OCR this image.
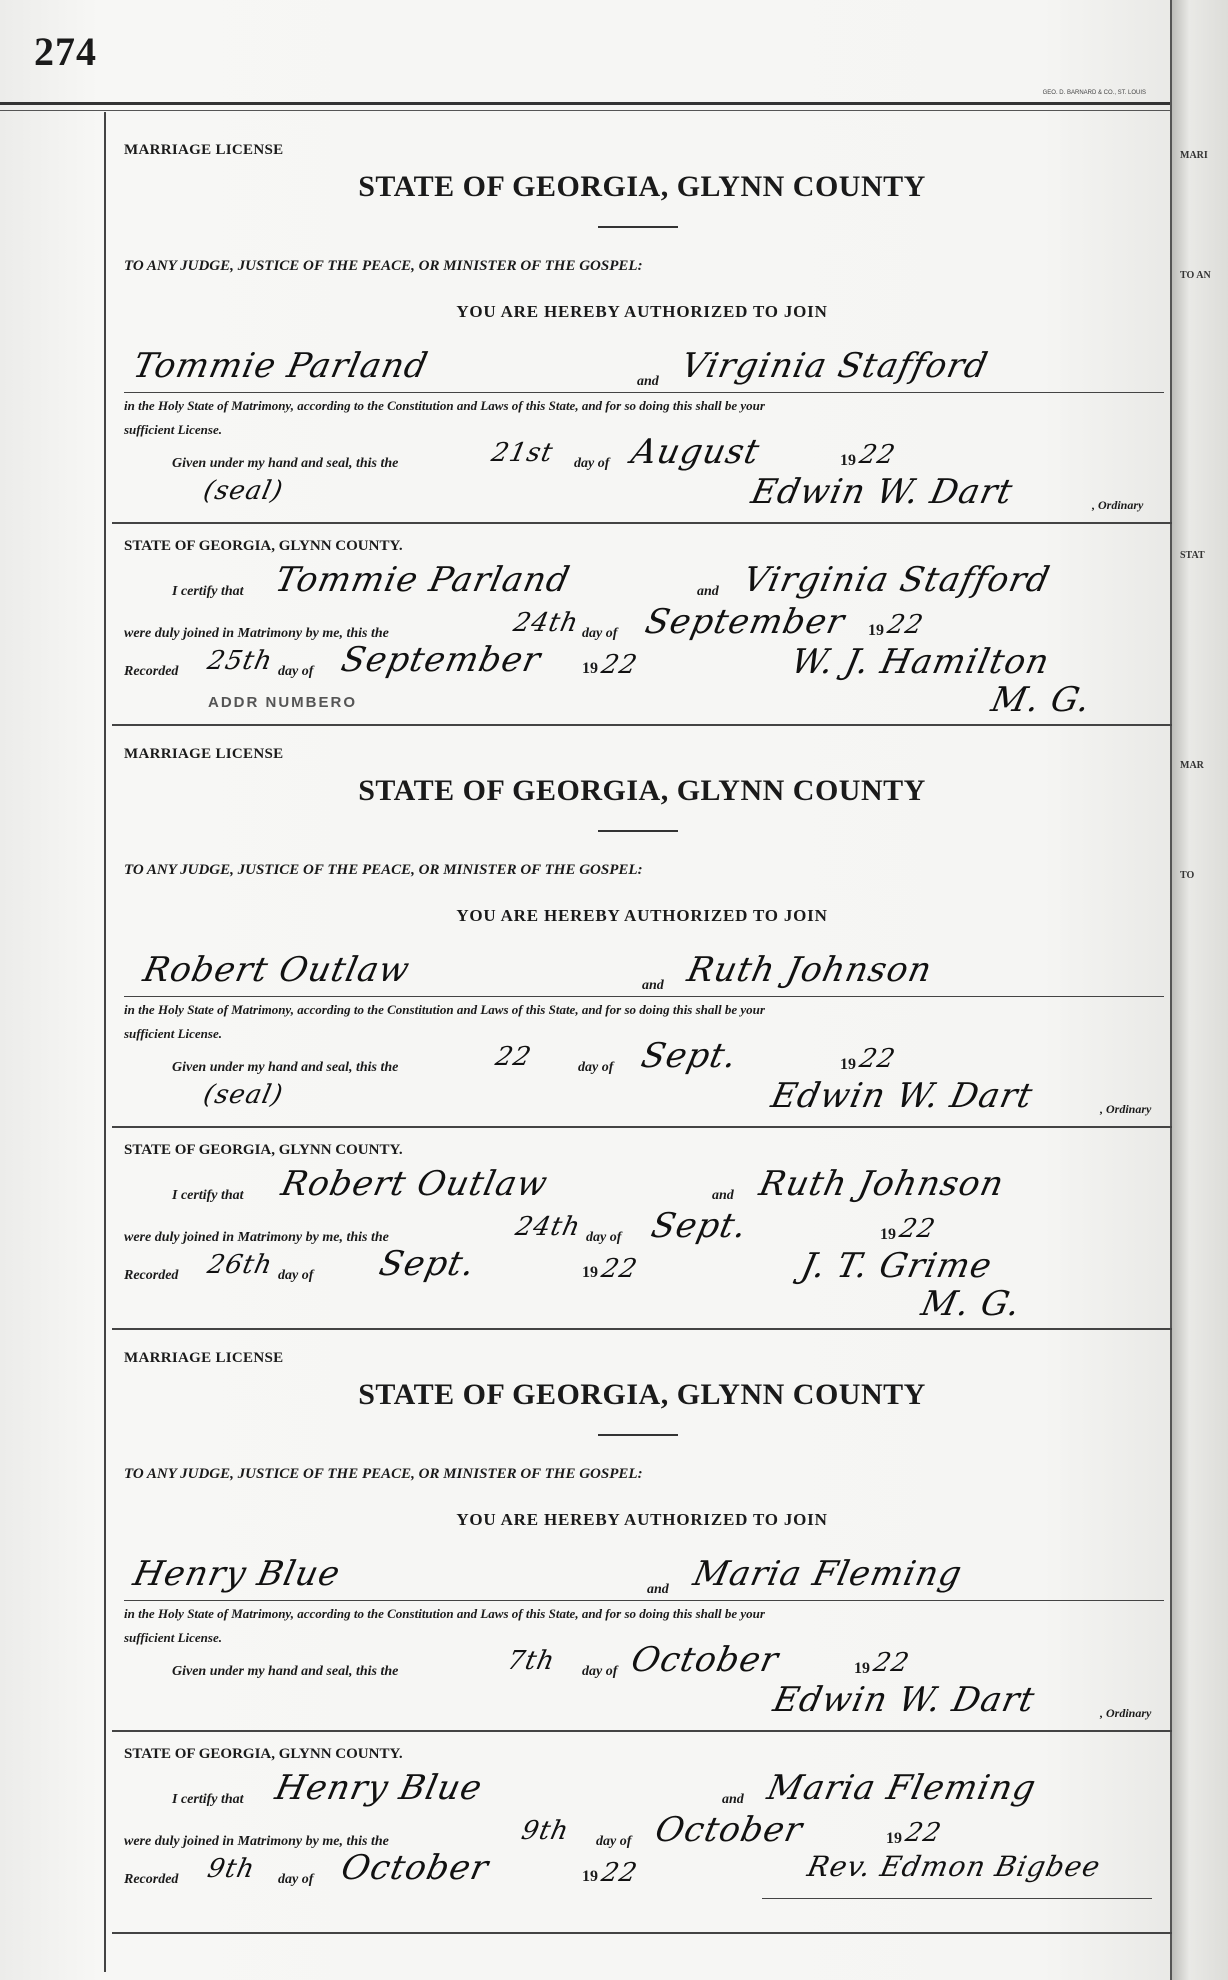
274
GEO. D. BARNARD & CO., ST. LOUIS
MARI
TO AN
STAT
MAR
TO
MARRIAGE LICENSE
STATE OF GEORGIA, GLYNN COUNTY
TO ANY JUDGE, JUSTICE OF THE PEACE, OR MINISTER OF THE GOSPEL:
YOU ARE HEREBY AUTHORIZED TO JOIN
Tommie Parland	and Virginia Stafford
in the Holy State of Matrimony, according to the Constitution and Laws of this State, and for so doing this shall be your
sufficient License.
Given under my hand and seal, this the	21st day of August	19 22
(seal)	Edwin W. Dart	, Ordinary
STATE OF GEORGIA, GLYNN COUNTY.
I certify that Tommie Parland	and Virginia Stafford
were duly joined in Matrimony by me, this the	24th day of September 19 22
Recorded 25th day of September 19 22	W. J. Hamilton
M. G.
ADDR NUMBERO
MARRIAGE LICENSE
STATE OF GEORGIA, GLYNN COUNTY
TO ANY JUDGE, JUSTICE OF THE PEACE, OR MINISTER OF THE GOSPEL:
YOU ARE HEREBY AUTHORIZED TO JOIN
Robert Outlaw	and Ruth Johnson
in the Holy State of Matrimony, according to the Constitution and Laws of this State, and for so doing this shall be your
sufficient License.
Given under my hand and seal, this the	22	day of Sept.	19 22
(seal)	Edwin W. Dart	, Ordinary
STATE OF GEORGIA, GLYNN COUNTY.
I certify that Robert Outlaw	and Ruth Johnson
were duly joined in Matrimony by me, this the	24th day of Sept.	19 22
Recorded 26th day of Sept.	19 22	J. T. Grime
M. G.
MARRIAGE LICENSE
STATE OF GEORGIA, GLYNN COUNTY
TO ANY JUDGE, JUSTICE OF THE PEACE, OR MINISTER OF THE GOSPEL:
YOU ARE HEREBY AUTHORIZED TO JOIN
Henry Blue	and Maria Fleming
in the Holy State of Matrimony, according to the Constitution and Laws of this State, and for so doing this shall be your
sufficient License.
Given under my hand and seal, this the	7th day of October	19 22
Edwin W. Dart	, Ordinary
STATE OF GEORGIA, GLYNN COUNTY.
I certify that Henry Blue	and Maria Fleming
were duly joined in Matrimony by me, this the	9th day of October	19 22
Recorded 9th day of October	19 22	Rev. Edmon Bigbee
